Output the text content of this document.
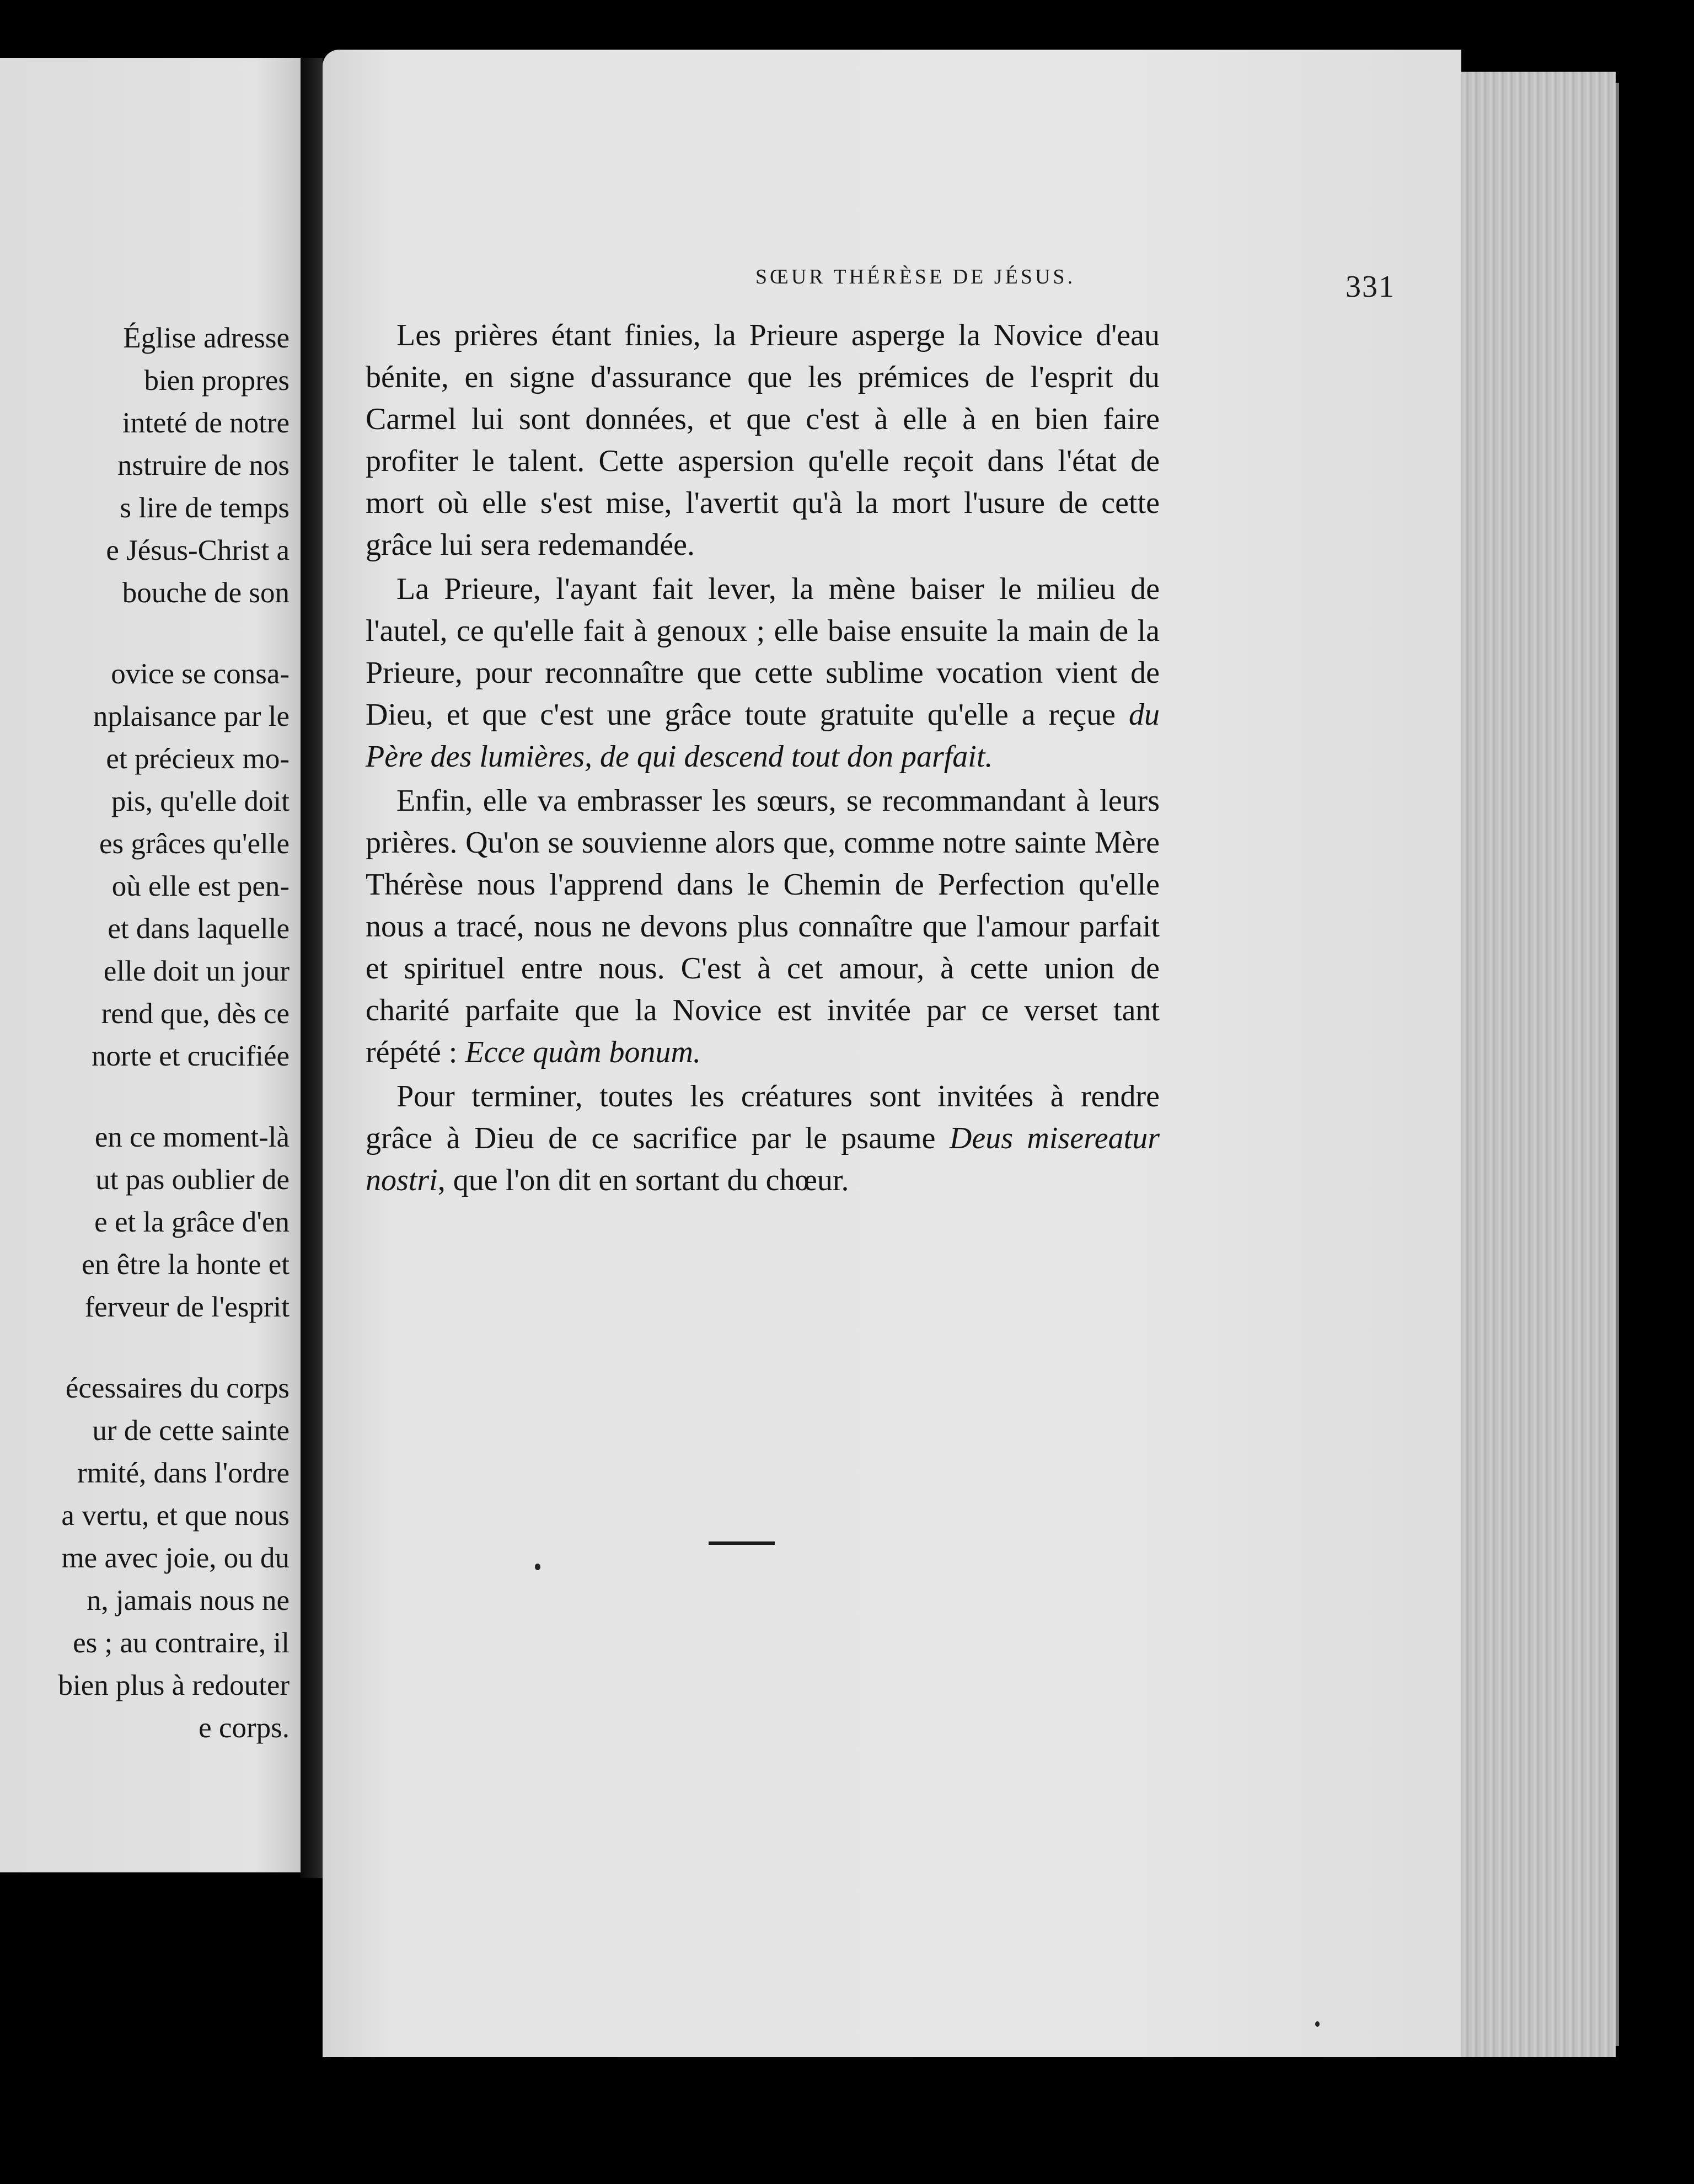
Église adresse
bien propres
inteté de notre
nstruire de nos
s lire de temps
e Jésus-Christ a
bouche de son
ovice se consa-
nplaisance par le
et précieux mo-
pis, qu'elle doit
es grâces qu'elle
où elle est pen-
et dans laquelle
elle doit un jour
rend que, dès ce
norte et crucifiée
en ce moment-là
ut pas oublier de
e et la grâce d'en
en être la honte et
ferveur de l'esprit
écessaires du corps
ur de cette sainte
rmité, dans l'ordre
a vertu, et que nous
me avec joie, ou du
n, jamais nous ne
es ; au contraire, il
bien plus à redouter
e corps.
SŒUR THÉRÈSE DE JÉSUS.	331

Les prières étant finies, la Prieure asperge la Novice d'eau bénite, en signe d'assurance que les prémices de l'esprit du Carmel lui sont données, et que c'est à elle à en bien faire profiter le talent. Cette aspersion qu'elle reçoit dans l'état de mort où elle s'est mise, l'avertit qu'à la mort l'usure de cette grâce lui sera redemandée.

La Prieure, l'ayant fait lever, la mène baiser le milieu de l'autel, ce qu'elle fait à genoux ; elle baise ensuite la main de la Prieure, pour reconnaître que cette sublime vocation vient de Dieu, et que c'est une grâce toute gratuite qu'elle a reçue du Père des lumières, de qui descend tout don parfait.

Enfin, elle va embrasser les sœurs, se recommandant à leurs prières. Qu'on se souvienne alors que, comme notre sainte Mère Thérèse nous l'apprend dans le Chemin de Perfection qu'elle nous a tracé, nous ne devons plus connaître que l'amour parfait et spirituel entre nous. C'est à cet amour, à cette union de charité parfaite que la Novice est invitée par ce verset tant répété : Ecce quàm bonum.

Pour terminer, toutes les créatures sont invitées à rendre grâce à Dieu de ce sacrifice par le psaume Deus misereatur nostri, que l'on dit en sortant du chœur.
